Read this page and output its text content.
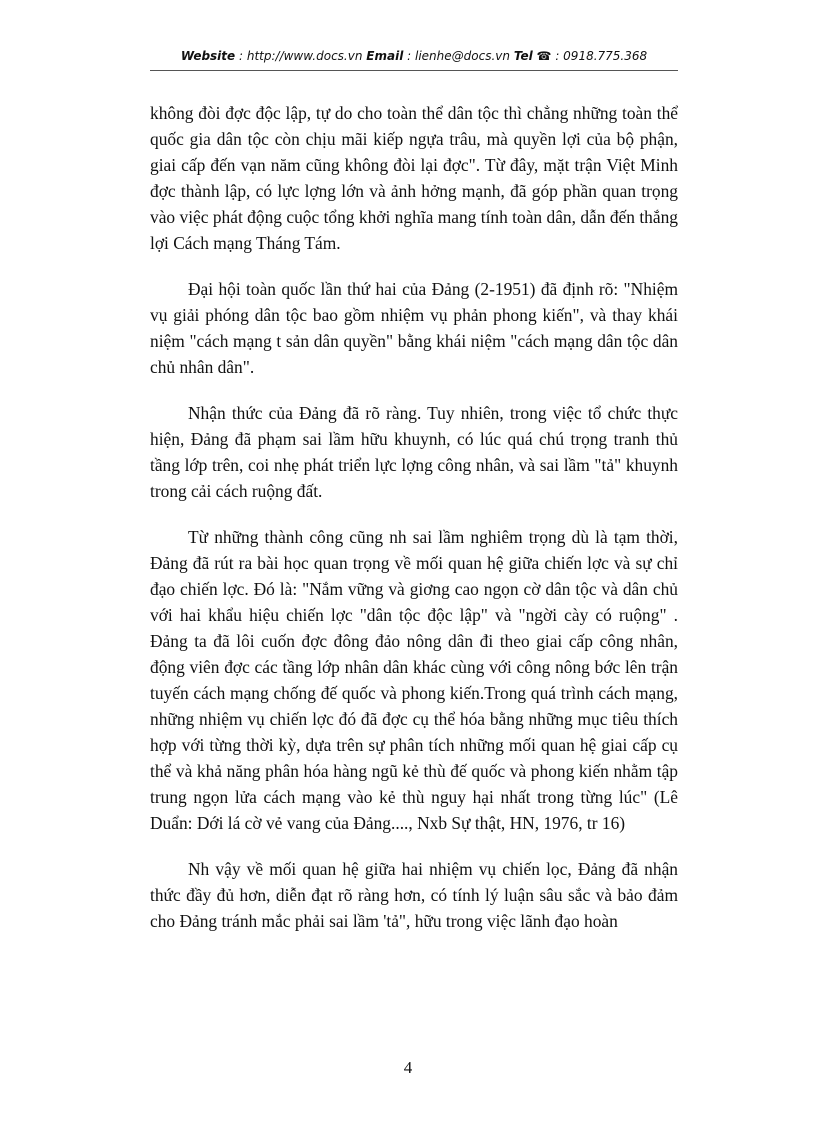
Website : http://www.docs.vn Email : lienhe@docs.vn Tel ☎ : 0918.775.368

không đòi đợc độc lập, tự do cho toàn thể dân tộc thì chẳng những toàn thể quốc gia dân tộc còn chịu mãi kiếp ngựa trâu, mà quyền lợi của bộ phận, giai cấp đến vạn năm cũng không đòi lại đợc". Từ đây, mặt trận Việt Minh đợc thành lập, có lực lợng lớn và ảnh hởng mạnh, đã góp phần quan trọng vào việc phát động cuộc tổng khởi nghĩa mang tính toàn dân, dẫn đến thắng lợi Cách mạng Tháng Tám.

Đại hội toàn quốc lần thứ hai của Đảng (2-1951) đã định rõ: "Nhiệm vụ giải phóng dân tộc bao gồm nhiệm vụ phản phong kiến", và thay khái niệm "cách mạng t sản dân quyền" bằng khái niệm "cách mạng dân tộc dân chủ nhân dân".

Nhận thức của Đảng đã rõ ràng. Tuy nhiên, trong việc tổ chức thực hiện, Đảng đã phạm sai lầm hữu khuynh, có lúc quá chú trọng tranh thủ tầng lớp trên, coi nhẹ phát triển lực lợng công nhân, và sai lầm "tả" khuynh trong cải cách ruộng đất.

Từ những thành công cũng nh sai lầm nghiêm trọng dù là tạm thời, Đảng đã rút ra bài học quan trọng về mối quan hệ giữa chiến lợc và sự chỉ đạo chiến lợc. Đó là: "Nắm vững và giơng cao ngọn cờ dân tộc và dân chủ với hai khẩu hiệu chiến lợc "dân tộc độc lập" và "ngời cày có ruộng" . Đảng ta đã lôi cuốn đợc đông đảo nông dân đi theo giai cấp công nhân, động viên đợc các tầng lớp nhân dân khác cùng với công nông bớc lên trận tuyến cách mạng chống đế quốc và phong kiến.Trong quá trình cách mạng, những nhiệm vụ chiến lợc đó đã đợc cụ thể hóa bằng những mục tiêu thích hợp với từng thời kỳ, dựa trên sự phân tích những mối quan hệ giai cấp cụ thể và khả năng phân hóa hàng ngũ kẻ thù đế quốc và phong kiến nhằm tập trung ngọn lửa cách mạng vào kẻ thù nguy hại nhất trong từng lúc" (Lê Duẩn: Dới lá cờ vẻ vang của Đảng...., Nxb Sự thật, HN, 1976, tr 16)

Nh vậy về mối quan hệ giữa hai nhiệm vụ chiến lọc, Đảng đã nhận thức đầy đủ hơn, diễn đạt rõ ràng hơn, có tính lý luận sâu sắc và bảo đảm cho Đảng tránh mắc phải sai lầm 'tả", hữu trong việc lãnh đạo hoàn

4
